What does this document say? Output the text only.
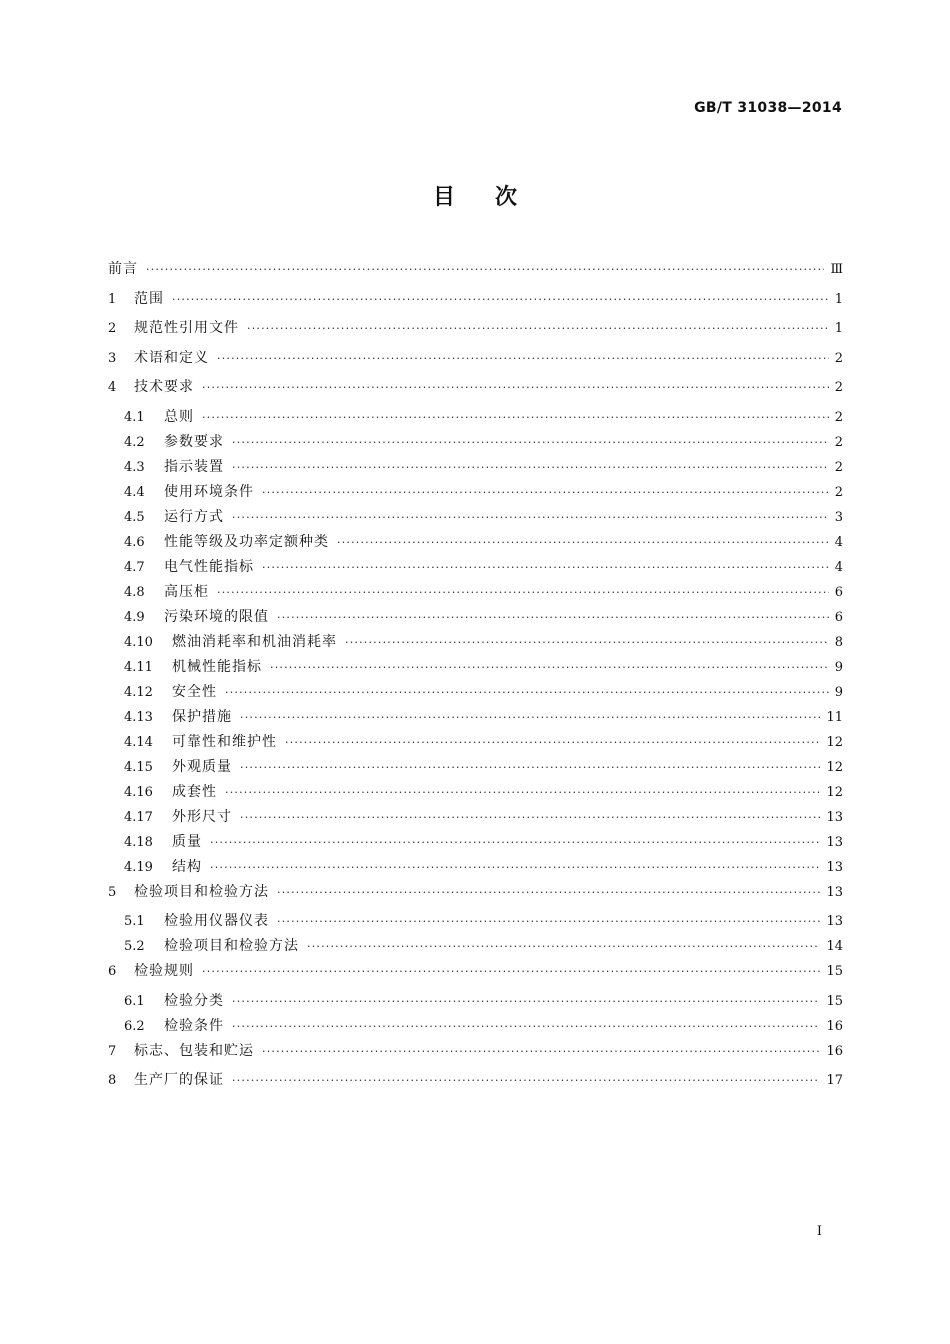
GB/T 31038—2014
目次
前言 ·····	Ⅲ
1	范围 ·····	1
2	规范性引用文件 ·····	1
3	术语和定义 ·····	2
4	技术要求 ·····	2
4.1	总则 ·····	2
4.2	参数要求 ·····	2
4.3	指示装置 ·····	2
4.4	使用环境条件 ·····	2
4.5	运行方式 ·····	3
4.6	性能等级及功率定额种类 ·····	4
4.7	电气性能指标 ·····	4
4.8	高压柜 ·····	6
4.9	污染环境的限值 ·····	6
4.10	燃油消耗率和机油消耗率 ·····	8
4.11	机械性能指标 ·····	9
4.12	安全性 ·····	9
4.13	保护措施 ·····	11
4.14	可靠性和维护性 ·····	12
4.15	外观质量 ·····	12
4.16	成套性 ·····	12
4.17	外形尺寸 ·····	13
4.18	质量 ·····	13
4.19	结构 ·····	13
5	检验项目和检验方法 ·····	13
5.1	检验用仪器仪表 ·····	13
5.2	检验项目和检验方法 ·····	14
6	检验规则 ·····	15
6.1	检验分类 ·····	15
6.2	检验条件 ·····	16
7	标志、包装和贮运 ·····	16
8	生产厂的保证 ·····	17
I
